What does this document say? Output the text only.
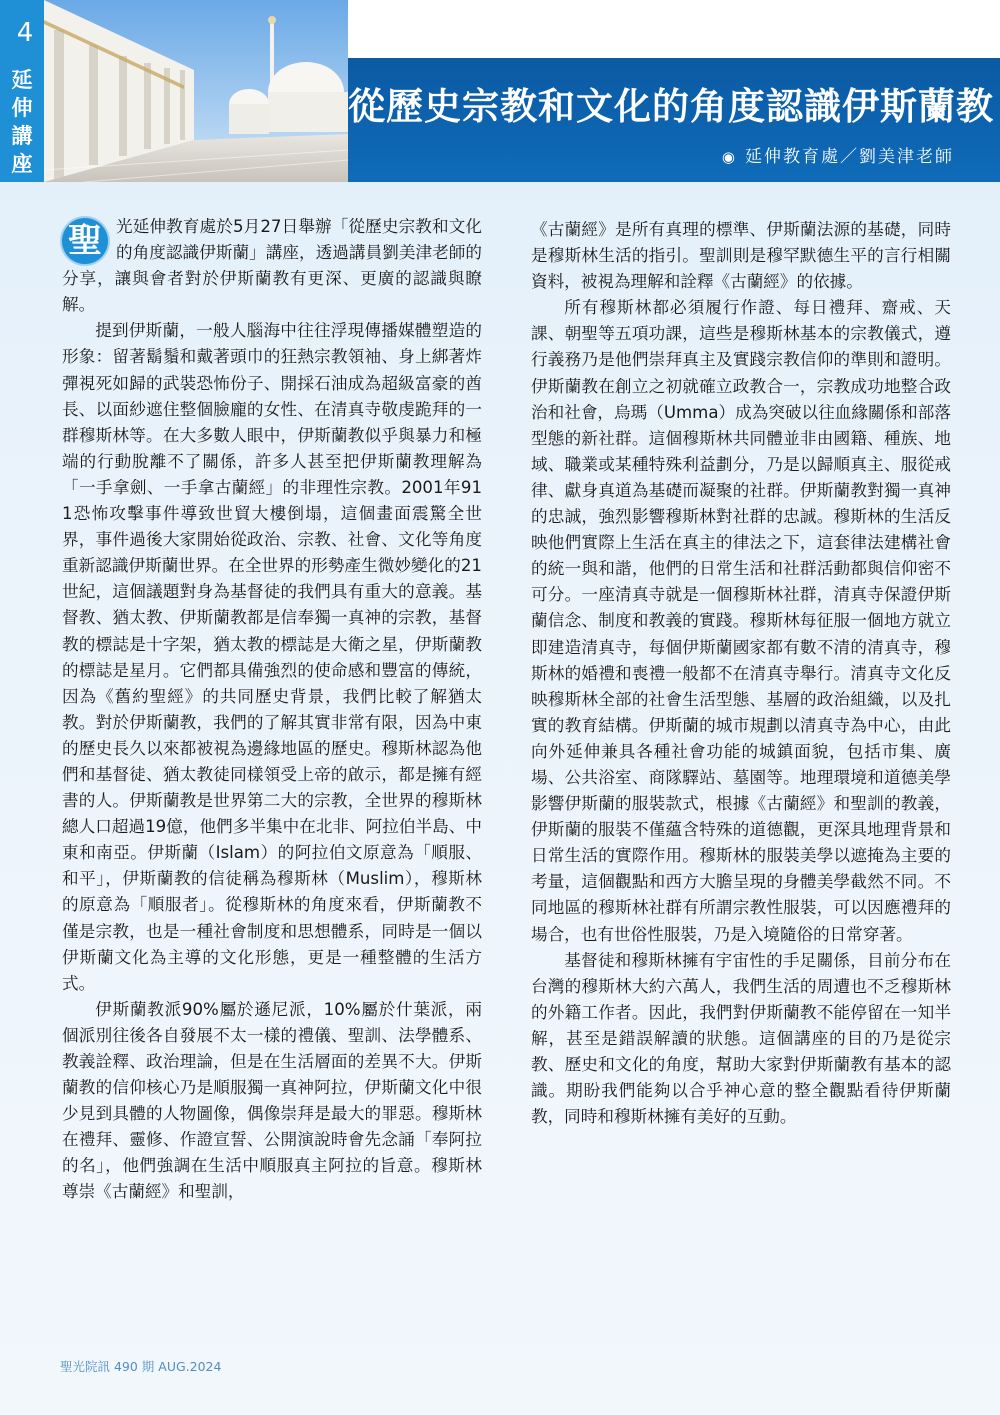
4
延
伸
講
座
從歷史宗教和文化的角度認識伊斯蘭教
◉ 延伸教育處／劉美津老師

聖 光延伸教育處於5月27日舉辦「從歷史宗教和文化的角度認識伊斯蘭」講座，透過講員劉美津老師的分享，讓與會者對於伊斯蘭教有更深、更廣的認識與瞭解。

提到伊斯蘭，一般人腦海中往往浮現傳播媒體塑造的形象：留著鬍鬚和戴著頭巾的狂熱宗教領袖、身上綁著炸彈視死如歸的武裝恐怖份子、開採石油成為超級富豪的酋長、以面紗遮住整個臉龐的女性、在清真寺敬虔跪拜的一群穆斯林等。在大多數人眼中，伊斯蘭教似乎與暴力和極端的行動脫離不了關係，許多人甚至把伊斯蘭教理解為「一手拿劍、一手拿古蘭經」的非理性宗教。2001年911恐怖攻擊事件導致世貿大樓倒塌，這個畫面震驚全世界，事件過後大家開始從政治、宗教、社會、文化等角度重新認識伊斯蘭世界。在全世界的形勢產生微妙變化的21世紀，這個議題對身為基督徒的我們具有重大的意義。基督教、猶太教、伊斯蘭教都是信奉獨一真神的宗教，基督教的標誌是十字架，猶太教的標誌是大衛之星，伊斯蘭教的標誌是星月。它們都具備強烈的使命感和豐富的傳統，因為《舊約聖經》的共同歷史背景，我們比較了解猶太教。對於伊斯蘭教，我們的了解其實非常有限，因為中東的歷史長久以來都被視為邊緣地區的歷史。穆斯林認為他們和基督徒、猶太教徒同樣領受上帝的啟示，都是擁有經書的人。伊斯蘭教是世界第二大的宗教，全世界的穆斯林總人口超過19億，他們多半集中在北非、阿拉伯半島、中東和南亞。伊斯蘭（Islam）的阿拉伯文原意為「順服、和平」，伊斯蘭教的信徒稱為穆斯林（Muslim），穆斯林的原意為「順服者」。從穆斯林的角度來看，伊斯蘭教不僅是宗教，也是一種社會制度和思想體系，同時是一個以伊斯蘭文化為主導的文化形態，更是一種整體的生活方式。

伊斯蘭教派90%屬於遜尼派，10%屬於什葉派，兩個派別往後各自發展不太一樣的禮儀、聖訓、法學體系、教義詮釋、政治理論，但是在生活層面的差異不大。伊斯蘭教的信仰核心乃是順服獨一真神阿拉，伊斯蘭文化中很少見到具體的人物圖像，偶像崇拜是最大的罪惡。穆斯林在禮拜、靈修、作證宣誓、公開演說時會先念誦「奉阿拉的名」，他們強調在生活中順服真主阿拉的旨意。穆斯林尊崇《古蘭經》和聖訓，

《古蘭經》是所有真理的標準、伊斯蘭法源的基礎，同時是穆斯林生活的指引。聖訓則是穆罕默德生平的言行相關資料，被視為理解和詮釋《古蘭經》的依據。

所有穆斯林都必須履行作證、每日禮拜、齋戒、天課、朝聖等五項功課，這些是穆斯林基本的宗教儀式，遵行義務乃是他們崇拜真主及實踐宗教信仰的準則和證明。伊斯蘭教在創立之初就確立政教合一，宗教成功地整合政治和社會，烏瑪（Umma）成為突破以往血緣關係和部落型態的新社群。這個穆斯林共同體並非由國籍、種族、地域、職業或某種特殊利益劃分，乃是以歸順真主、服從戒律、獻身真道為基礎而凝聚的社群。伊斯蘭教對獨一真神的忠誠，強烈影響穆斯林對社群的忠誠。穆斯林的生活反映他們實際上生活在真主的律法之下，這套律法建構社會的統一與和諧，他們的日常生活和社群活動都與信仰密不可分。一座清真寺就是一個穆斯林社群，清真寺保證伊斯蘭信念、制度和教義的實踐。穆斯林每征服一個地方就立即建造清真寺，每個伊斯蘭國家都有數不清的清真寺，穆斯林的婚禮和喪禮一般都不在清真寺舉行。清真寺文化反映穆斯林全部的社會生活型態、基層的政治組織，以及扎實的教育結構。伊斯蘭的城市規劃以清真寺為中心，由此向外延伸兼具各種社會功能的城鎮面貌，包括市集、廣場、公共浴室、商隊驛站、墓園等。地理環境和道德美學影響伊斯蘭的服裝款式，根據《古蘭經》和聖訓的教義，伊斯蘭的服裝不僅蘊含特殊的道德觀，更深具地理背景和日常生活的實際作用。穆斯林的服裝美學以遮掩為主要的考量，這個觀點和西方大膽呈現的身體美學截然不同。不同地區的穆斯林社群有所謂宗教性服裝，可以因應禮拜的場合，也有世俗性服裝，乃是入境隨俗的日常穿著。

基督徒和穆斯林擁有宇宙性的手足關係，目前分布在台灣的穆斯林大約六萬人，我們生活的周遭也不乏穆斯林的外籍工作者。因此，我們對伊斯蘭教不能停留在一知半解，甚至是錯誤解讀的狀態。這個講座的目的乃是從宗教、歷史和文化的角度，幫助大家對伊斯蘭教有基本的認識。期盼我們能夠以合乎神心意的整全觀點看待伊斯蘭教，同時和穆斯林擁有美好的互動。

聖光院訊 490 期 AUG.2024
